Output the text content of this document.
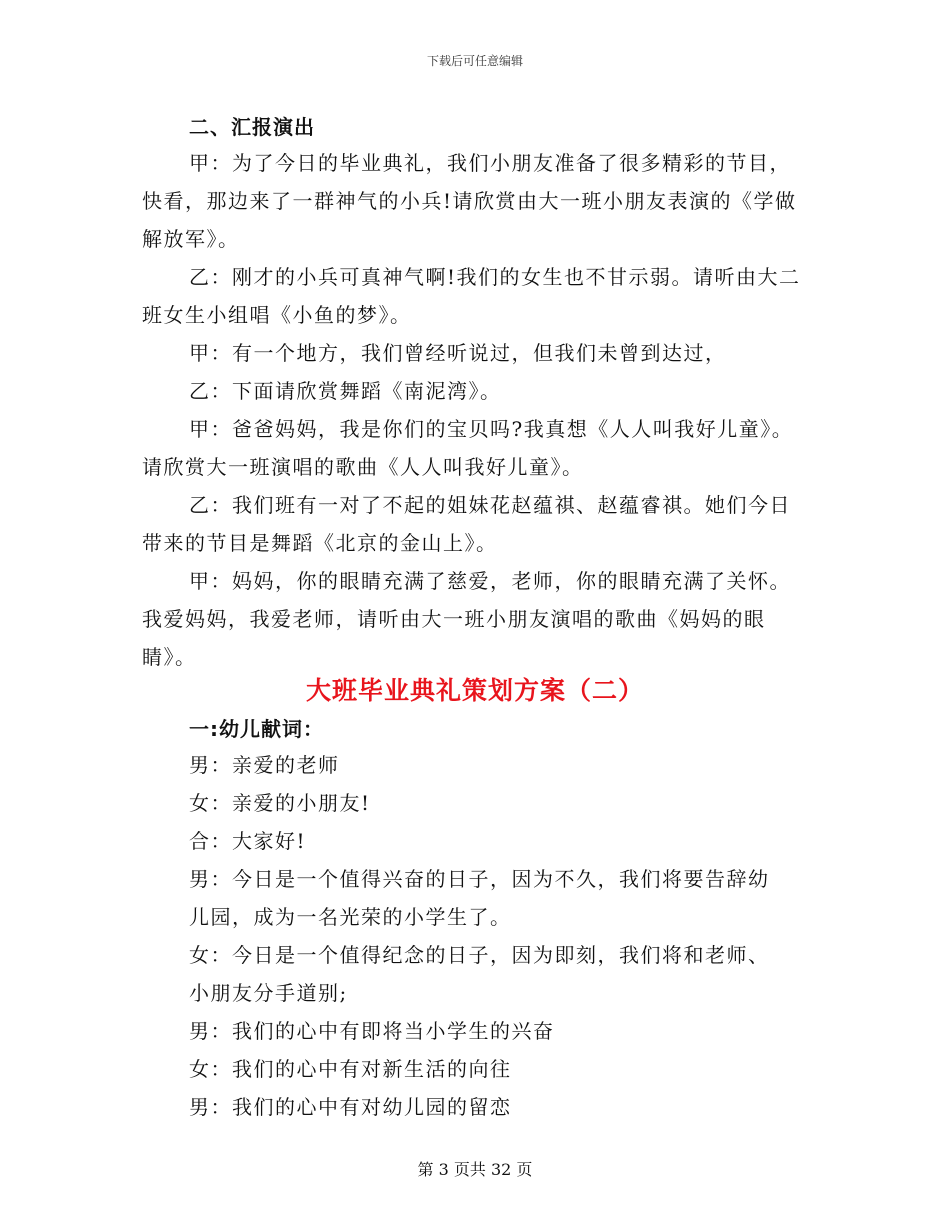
下载后可任意编辑
二、汇报演出
甲：为了今日的毕业典礼，我们小朋友准备了很多精彩的节目，
快看，那边来了一群神气的小兵!请欣赏由大一班小朋友表演的《学做
解放军》。
乙：刚才的小兵可真神气啊!我们的女生也不甘示弱。请听由大二
班女生小组唱《小鱼的梦》。
甲：有一个地方，我们曾经听说过，但我们未曾到达过，
乙：下面请欣赏舞蹈《南泥湾》。
甲：爸爸妈妈，我是你们的宝贝吗?我真想《人人叫我好儿童》。
请欣赏大一班演唱的歌曲《人人叫我好儿童》。
乙：我们班有一对了不起的姐妹花赵蕴祺、赵蕴睿祺。她们今日
带来的节目是舞蹈《北京的金山上》。
甲：妈妈，你的眼睛充满了慈爱，老师，你的眼睛充满了关怀。
我爱妈妈，我爱老师，请听由大一班小朋友演唱的歌曲《妈妈的眼
睛》。
大班毕业典礼策划方案（二）
一:幼儿献词：
男：亲爱的老师
女：亲爱的小朋友!
合：大家好!
男：今日是一个值得兴奋的日子，因为不久，我们将要告辞幼
儿园，成为一名光荣的小学生了。
女：今日是一个值得纪念的日子，因为即刻，我们将和老师、
小朋友分手道别;
男：我们的心中有即将当小学生的兴奋
女：我们的心中有对新生活的向往
男：我们的心中有对幼儿园的留恋
第 3 页共 32 页
